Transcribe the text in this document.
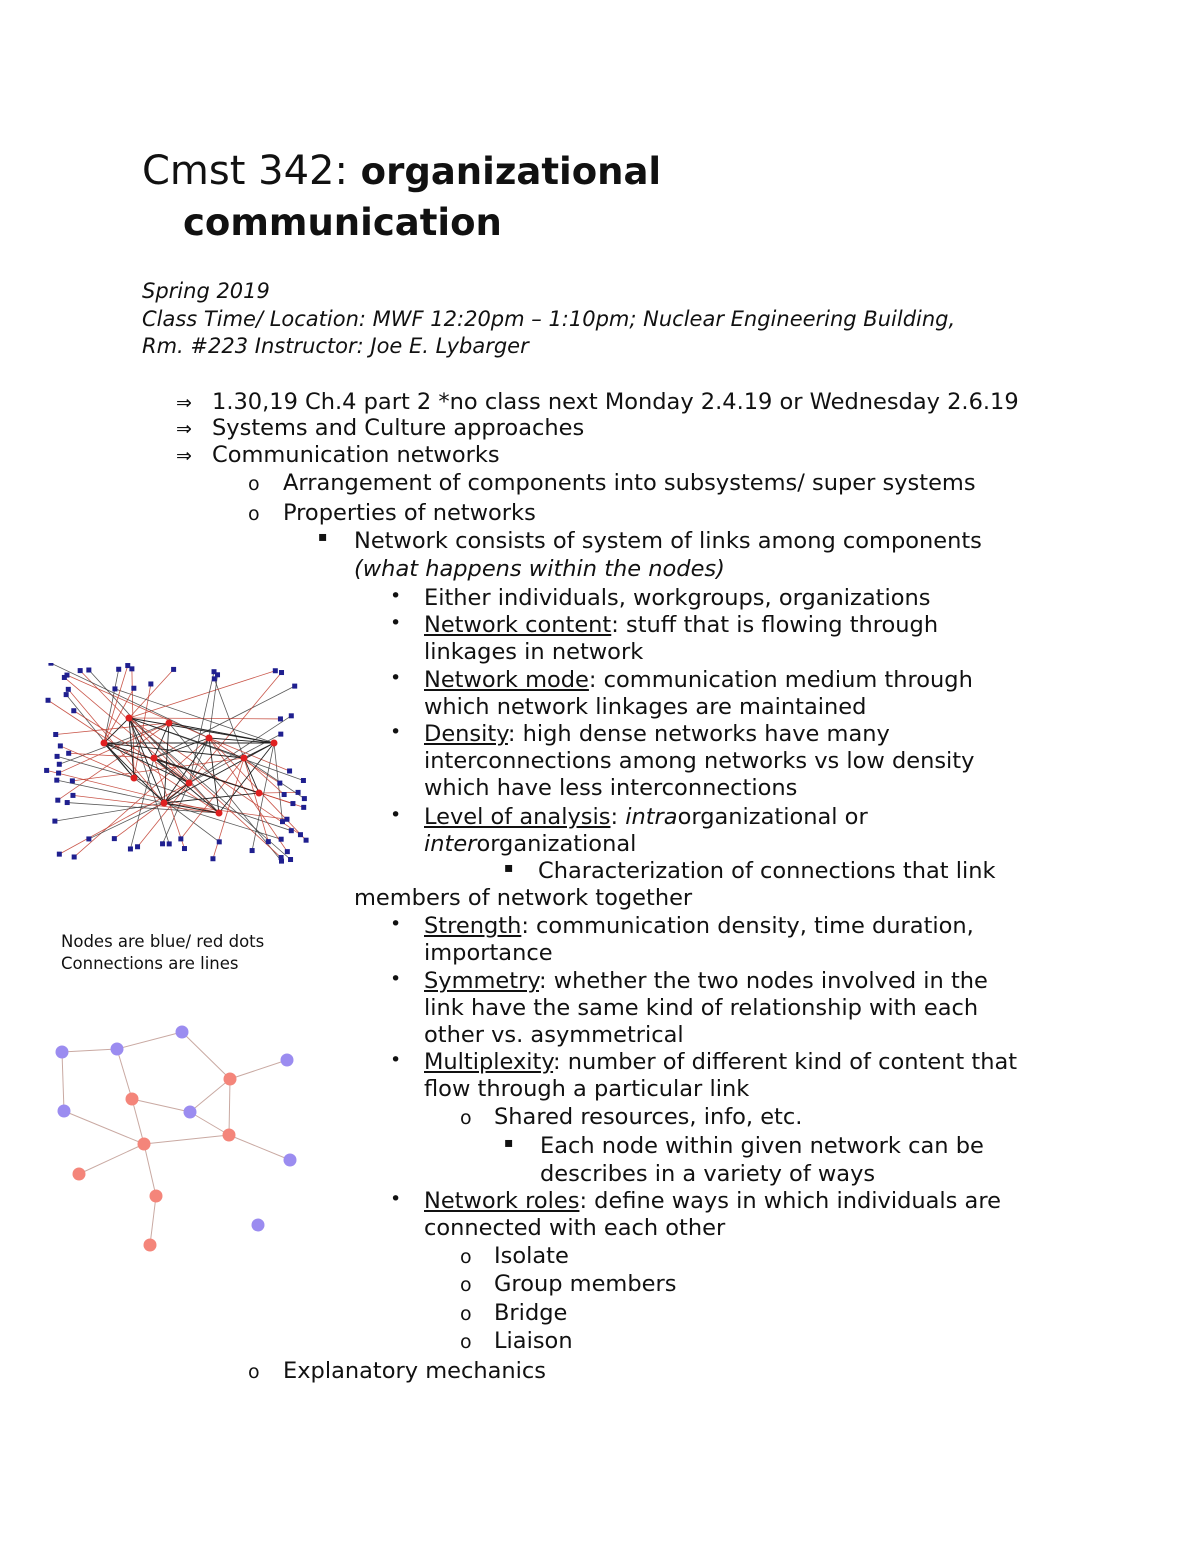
Cmst 342: organizational
communication
Spring 2019
Class Time/ Location: MWF 12:20pm – 1:10pm; Nuclear Engineering Building,
Rm. #223 Instructor: Joe E. Lybarger
⇒ 1.30,19 Ch.4 part 2 *no class next Monday 2.4.19 or Wednesday 2.6.19
⇒ Systems and Culture approaches
⇒ Communication networks
o Arrangement of components into subsystems/ super systems
o Properties of networks
▪ Network consists of system of links among components
(what happens within the nodes)
• Either individuals, workgroups, organizations
• Network content: stuff that is flowing through
linkages in network
• Network mode: communication medium through
which network linkages are maintained
• Density: high dense networks have many
interconnections among networks vs low density
which have less interconnections
• Level of analysis: intraorganizational or
interorganizational
▪ Characterization of connections that link
members of network together
• Strength: communication density, time duration,
importance
• Symmetry: whether the two nodes involved in the
link have the same kind of relationship with each
other vs. asymmetrical
• Multiplexity: number of different kind of content that
flow through a particular link
o Shared resources, info, etc.
▪ Each node within given network can be
describes in a variety of ways
• Network roles: define ways in which individuals are
connected with each other
o Isolate
o Group members
o Bridge
o Liaison
o Explanatory mechanics
Nodes are blue/ red dots
Connections are lines
